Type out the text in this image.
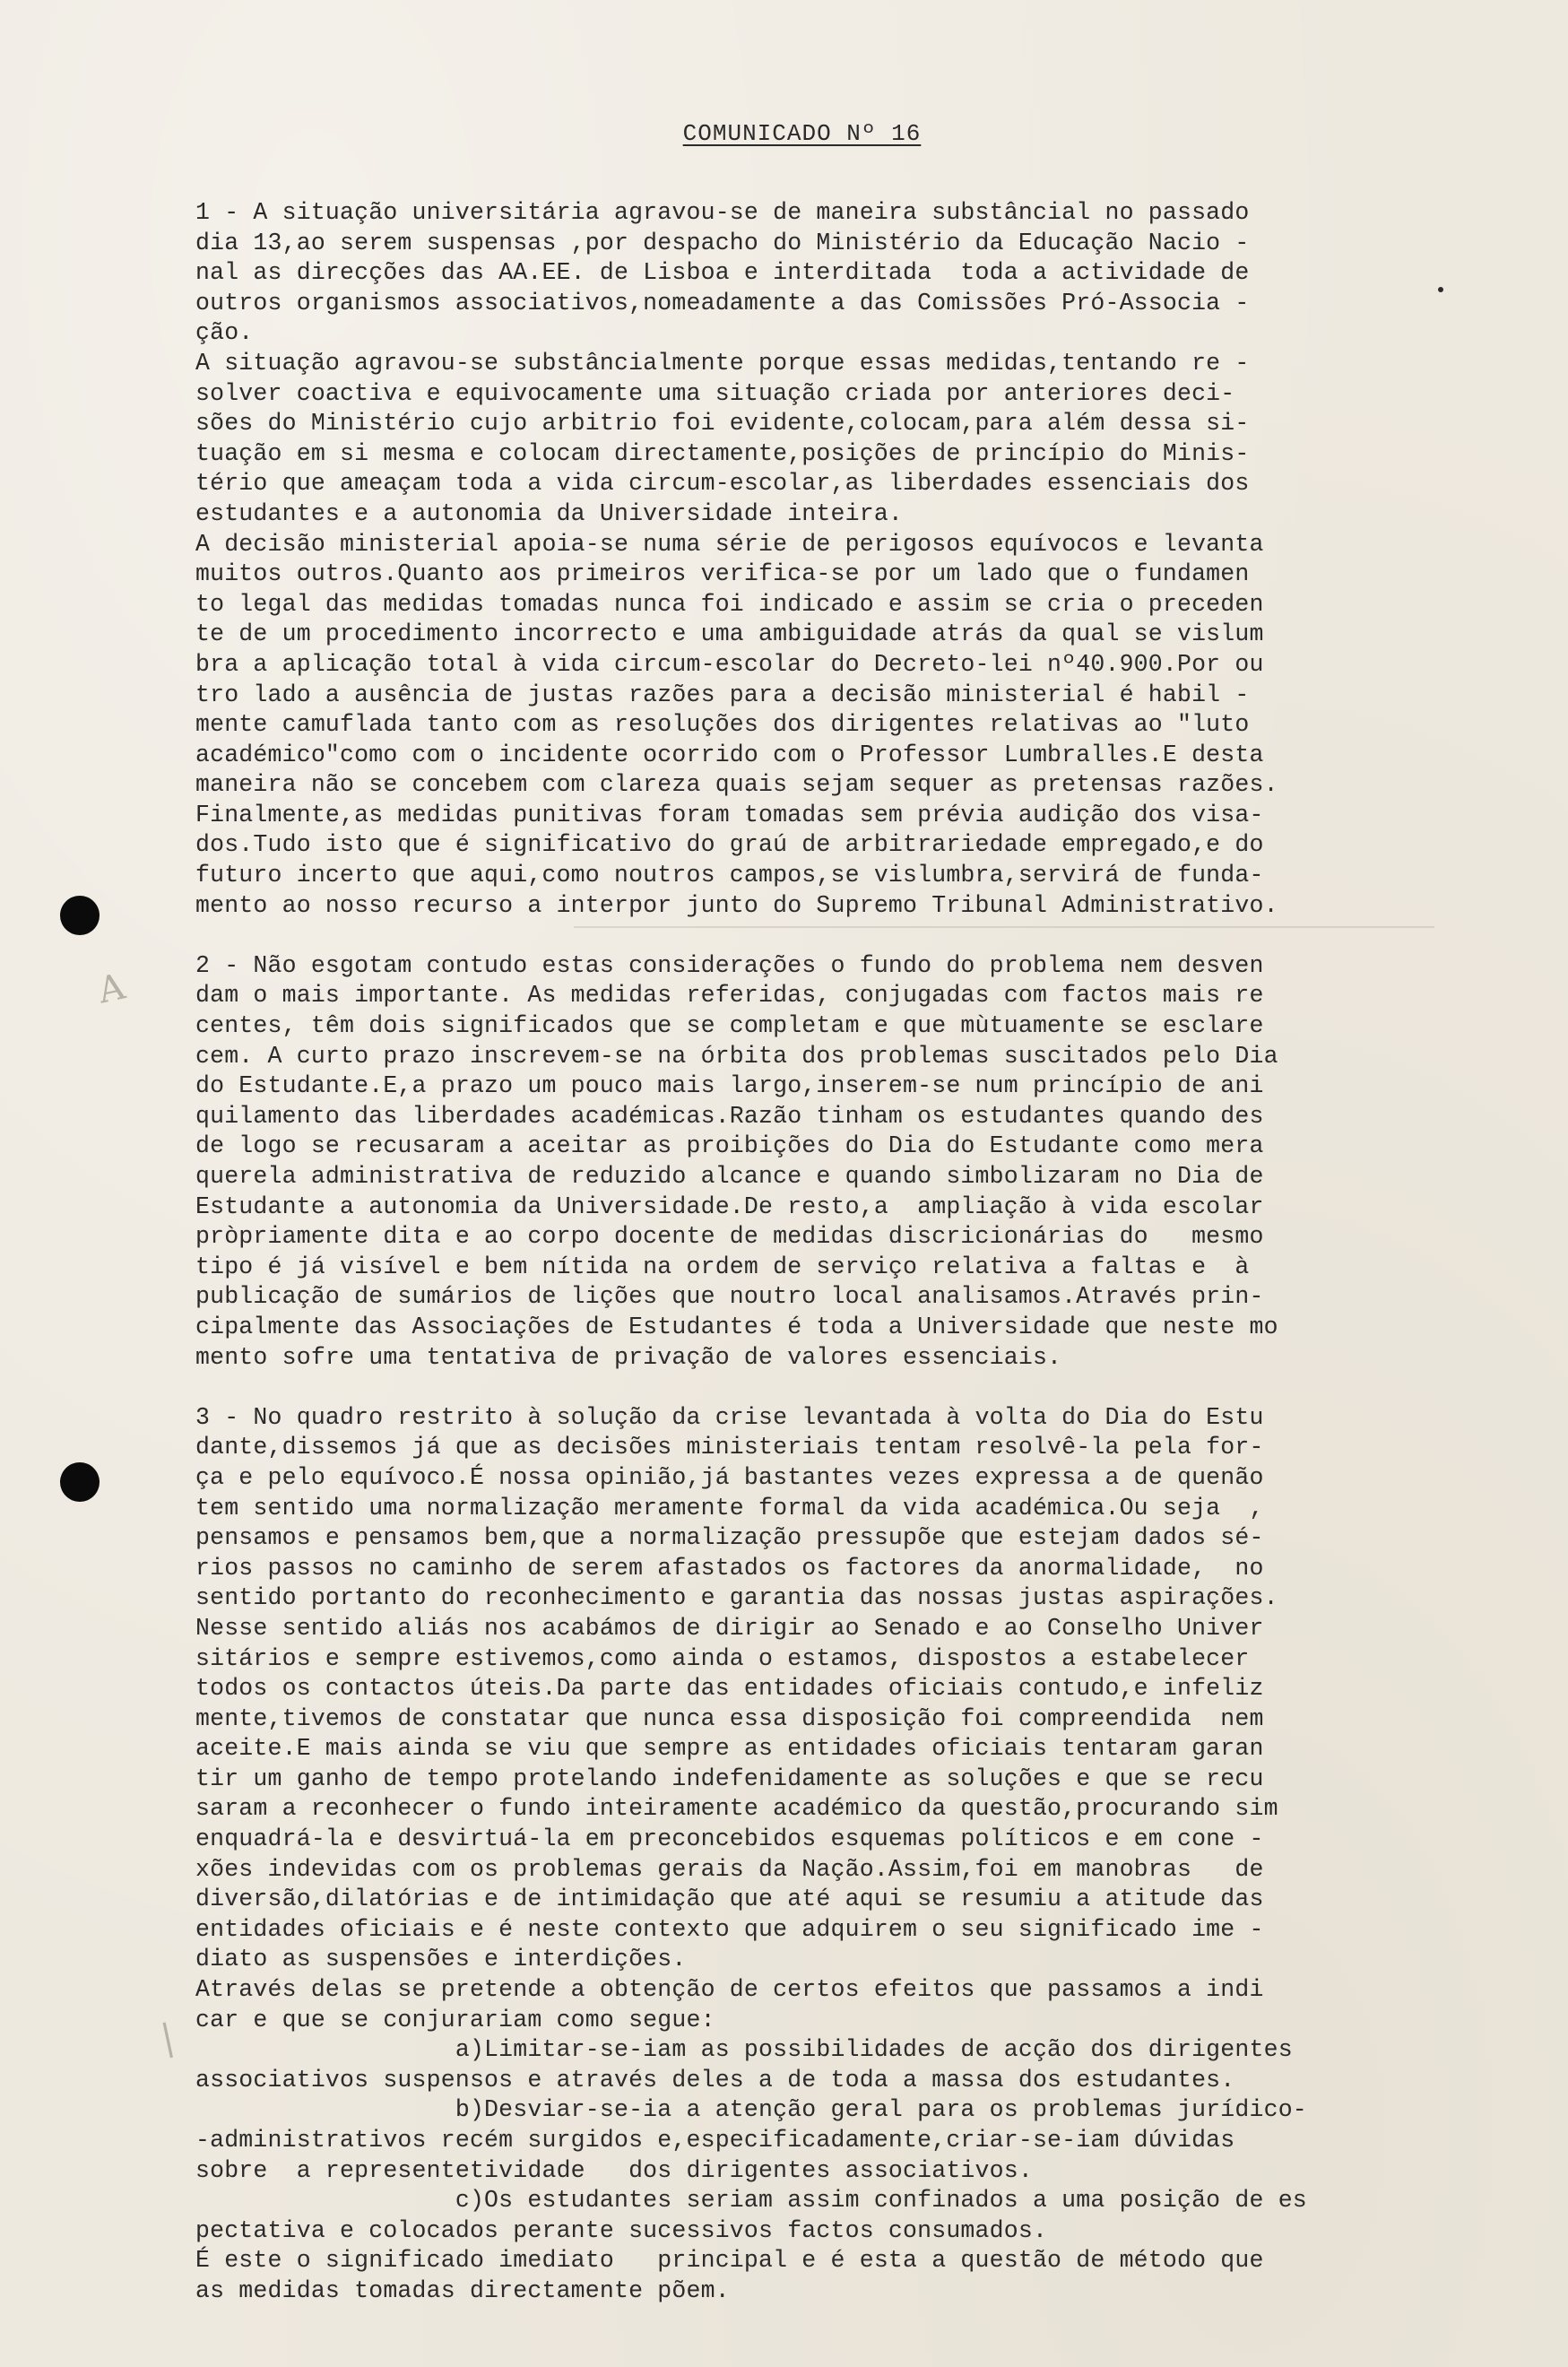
A
|
COMUNICADO Nº 16
1 - A situação universitária agravou-se de maneira substâncial no passado
dia 13,ao serem suspensas ,por despacho do Ministério da Educação Nacio -
nal as direcções das AA.EE. de Lisboa e interditada  toda a actividade de
outros organismos associativos,nomeadamente a das Comissões Pró-Associa -
ção.
A situação agravou-se substâncialmente porque essas medidas,tentando re -
solver coactiva e equivocamente uma situação criada por anteriores deci-
sões do Ministério cujo arbitrio foi evidente,colocam,para além dessa si-
tuação em si mesma e colocam directamente,posições de princípio do Minis-
tério que ameaçam toda a vida circum-escolar,as liberdades essenciais dos
estudantes e a autonomia da Universidade inteira.
A decisão ministerial apoia-se numa série de perigosos equívocos e levanta
muitos outros.Quanto aos primeiros verifica-se por um lado que o fundamen
to legal das medidas tomadas nunca foi indicado e assim se cria o preceden
te de um procedimento incorrecto e uma ambiguidade atrás da qual se vislum
bra a aplicação total à vida circum-escolar do Decreto-lei nº40.900.Por ou
tro lado a ausência de justas razões para a decisão ministerial é habil -
mente camuflada tanto com as resoluções dos dirigentes relativas ao "luto
académico"como com o incidente ocorrido com o Professor Lumbralles.E desta
maneira não se concebem com clareza quais sejam sequer as pretensas razões.
Finalmente,as medidas punitivas foram tomadas sem prévia audição dos visa-
dos.Tudo isto que é significativo do graú de arbitrariedade empregado,e do
futuro incerto que aqui,como noutros campos,se vislumbra,servirá de funda-
mento ao nosso recurso a interpor junto do Supremo Tribunal Administrativo.
2 - Não esgotam contudo estas considerações o fundo do problema nem desven
dam o mais importante. As medidas referidas, conjugadas com factos mais re
centes, têm dois significados que se completam e que mùtuamente se esclare
cem. A curto prazo inscrevem-se na órbita dos problemas suscitados pelo Dia
do Estudante.E,a prazo um pouco mais largo,inserem-se num princípio de ani
quilamento das liberdades académicas.Razão tinham os estudantes quando des
de logo se recusaram a aceitar as proibições do Dia do Estudante como mera
querela administrativa de reduzido alcance e quando simbolizaram no Dia de
Estudante a autonomia da Universidade.De resto,a  ampliação à vida escolar
pròpriamente dita e ao corpo docente de medidas discricionárias do   mesmo
tipo é já visível e bem nítida na ordem de serviço relativa a faltas e  à
publicação de sumários de lições que noutro local analisamos.Através prin-
cipalmente das Associações de Estudantes é toda a Universidade que neste mo
mento sofre uma tentativa de privação de valores essenciais.
3 - No quadro restrito à solução da crise levantada à volta do Dia do Estu
dante,dissemos já que as decisões ministeriais tentam resolvê-la pela for-
ça e pelo equívoco.É nossa opinião,já bastantes vezes expressa a de quenão
tem sentido uma normalização meramente formal da vida académica.Ou seja  ,
pensamos e pensamos bem,que a normalização pressupõe que estejam dados sé-
rios passos no caminho de serem afastados os factores da anormalidade,  no
sentido portanto do reconhecimento e garantia das nossas justas aspirações.
Nesse sentido aliás nos acabámos de dirigir ao Senado e ao Conselho Univer
sitários e sempre estivemos,como ainda o estamos, dispostos a estabelecer
todos os contactos úteis.Da parte das entidades oficiais contudo,e infeliz
mente,tivemos de constatar que nunca essa disposição foi compreendida  nem
aceite.E mais ainda se viu que sempre as entidades oficiais tentaram garan
tir um ganho de tempo protelando indefenidamente as soluções e que se recu
saram a reconhecer o fundo inteiramente académico da questão,procurando sim
enquadrá-la e desvirtuá-la em preconcebidos esquemas políticos e em cone -
xões indevidas com os problemas gerais da Nação.Assim,foi em manobras   de
diversão,dilatórias e de intimidação que até aqui se resumiu a atitude das
entidades oficiais e é neste contexto que adquirem o seu significado ime -
diato as suspensões e interdições.
Através delas se pretende a obtenção de certos efeitos que passamos a indi
car e que se conjurariam como segue:
a)Limitar-se-iam as possibilidades de acção dos dirigentes
associativos suspensos e através deles a de toda a massa dos estudantes.
b)Desviar-se-ia a atenção geral para os problemas jurídico-
-administrativos recém surgidos e,especificadamente,criar-se-iam dúvidas
sobre  a representetividade   dos dirigentes associativos.
c)Os estudantes seriam assim confinados a uma posição de es
pectativa e colocados perante sucessivos factos consumados.
É este o significado imediato   principal e é esta a questão de método que
as medidas tomadas directamente põem.
